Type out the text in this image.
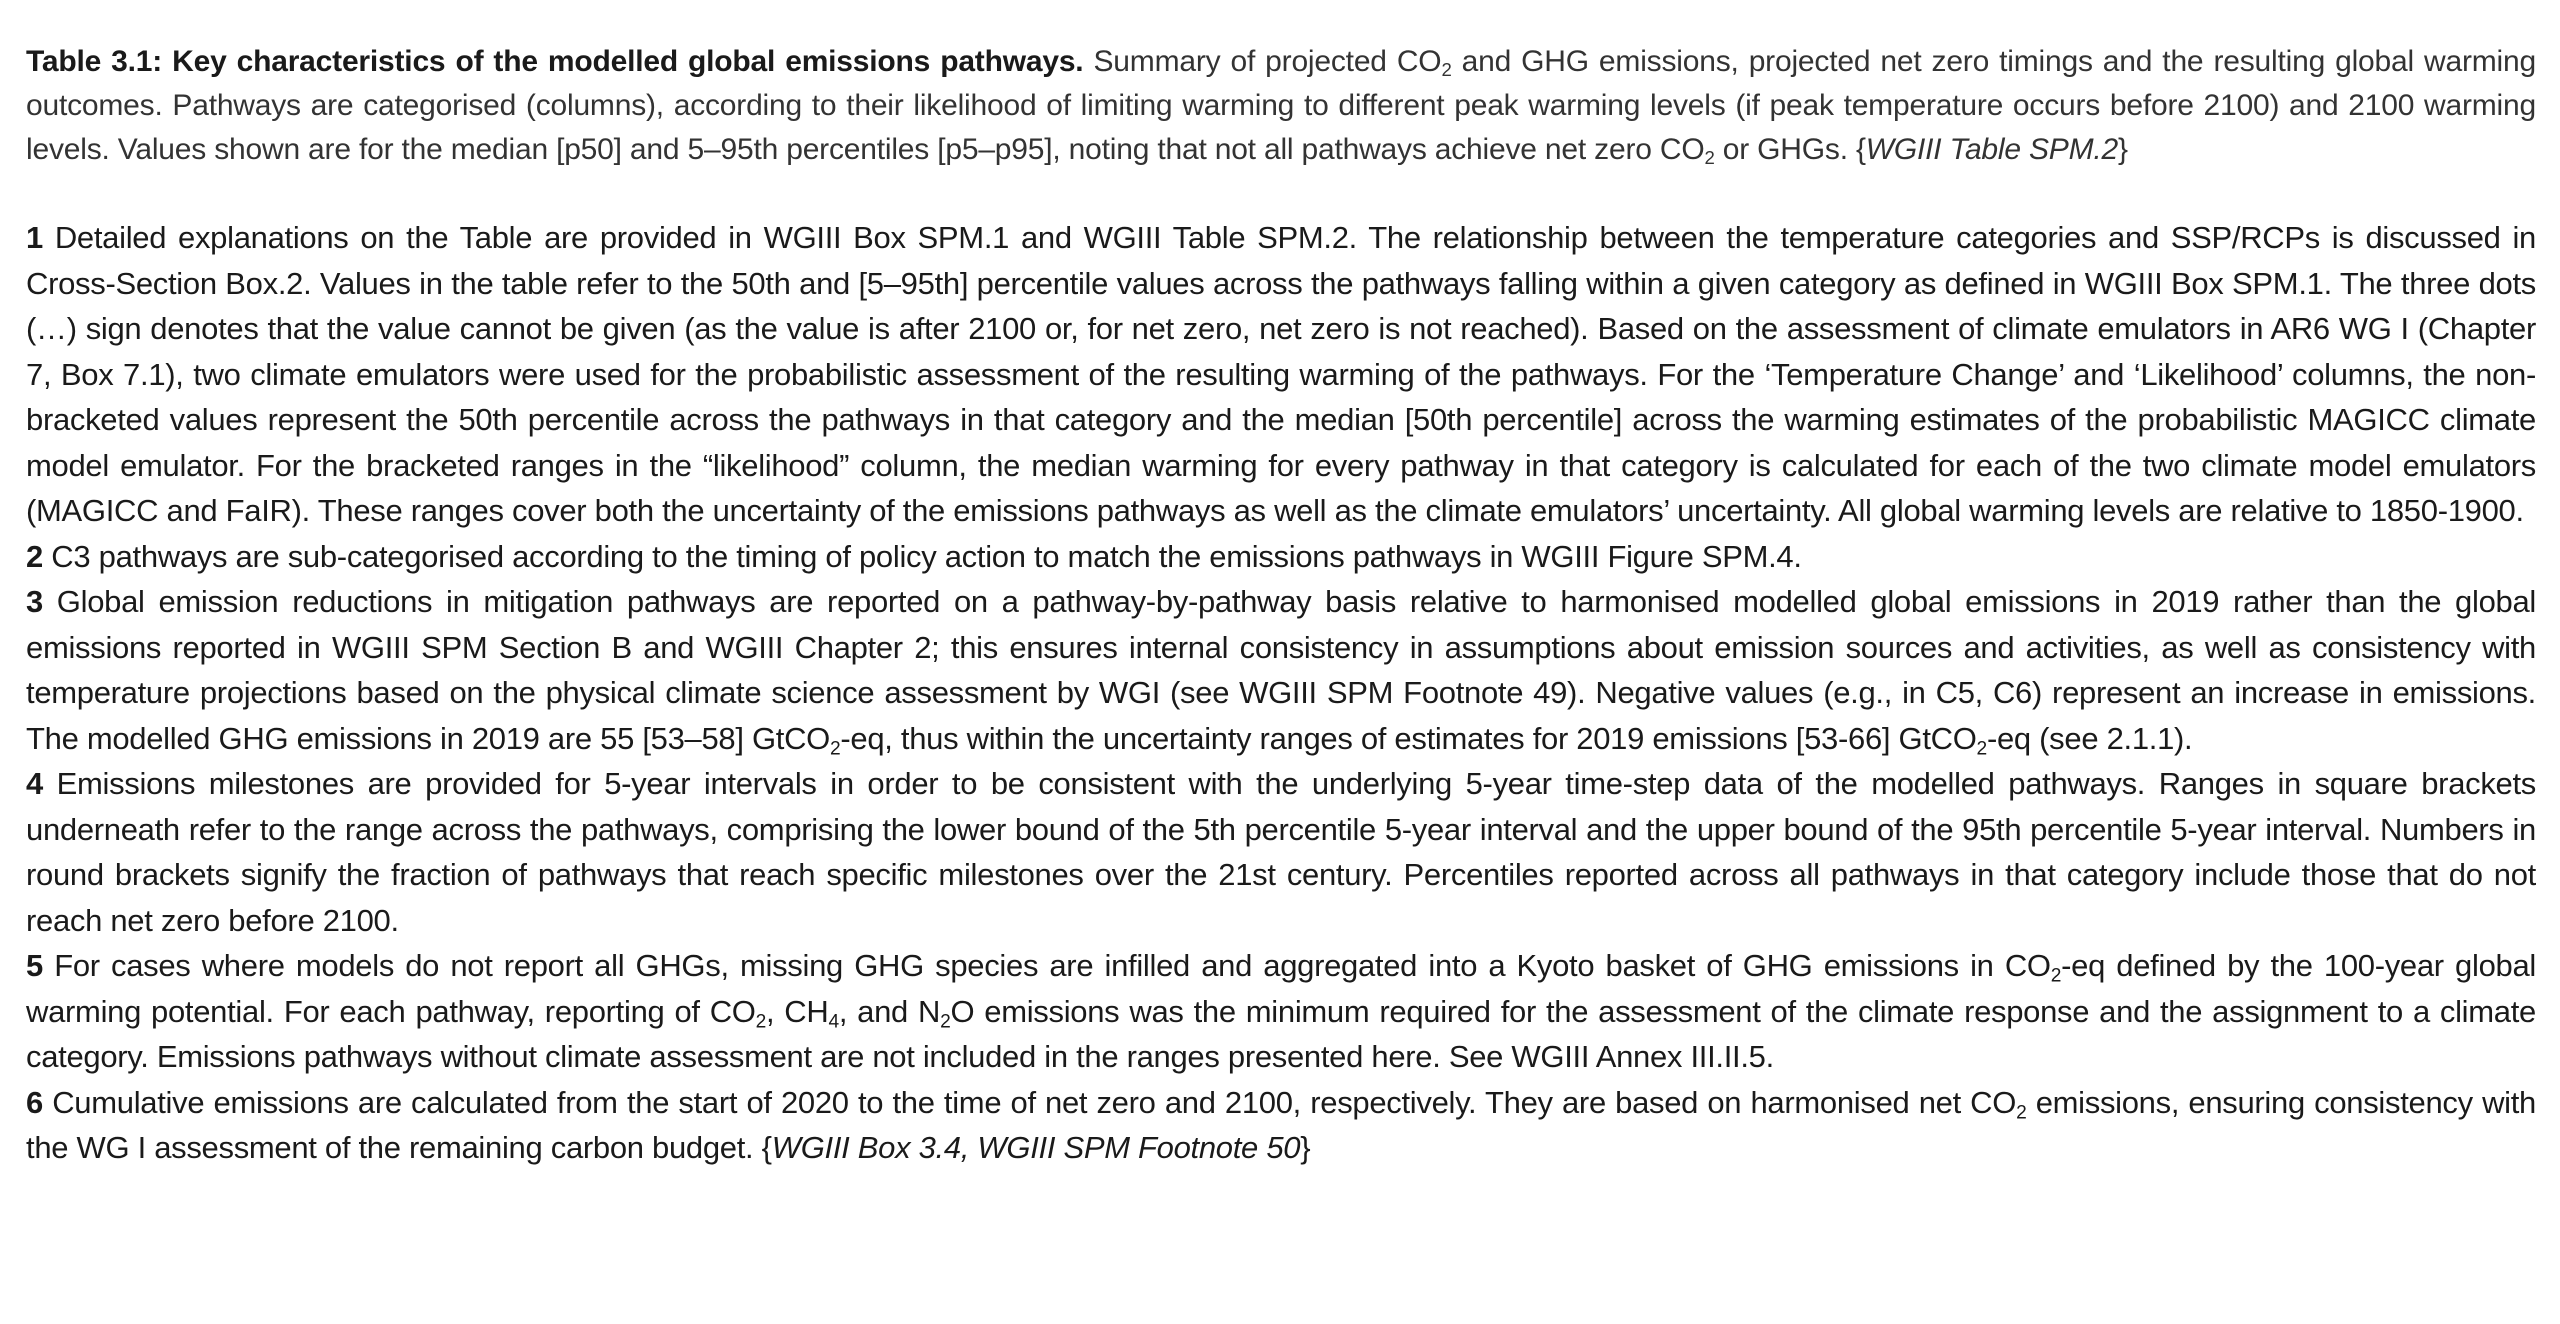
Table 3.1: Key characteristics of the modelled global emissions pathways. Summary of projected $CO_2$ and GHG emissions, projected net zero timings and the resulting global warming outcomes. Pathways are categorised (columns), according to their likelihood of limiting warming to different peak warming levels (if peak temperature occurs before 2100) and 2100 warming levels. Values shown are for the median [p50] and 5–95th percentiles [p5–p95], noting that not all pathways achieve net zero $CO_2$ or GHGs. {WGIII Table SPM.2}

1 Detailed explanations on the Table are provided in WGIII Box SPM.1 and WGIII Table SPM.2. The relationship between the temperature categories and SSP/RCPs is discussed in Cross-Section Box.2. Values in the table refer to the 50th and [5–95th] percentile values across the pathways falling within a given category as defined in WGIII Box SPM.1. The three dots (…) sign denotes that the value cannot be given (as the value is after 2100 or, for net zero, net zero is not reached). Based on the assessment of climate emulators in AR6 WG I (Chapter 7, Box 7.1), two climate emulators were used for the probabilistic assessment of the resulting warming of the pathways. For the ‘Temperature Change’ and ‘Likelihood’ columns, the non-bracketed values represent the 50th percentile across the pathways in that category and the median [50th percentile] across the warming estimates of the probabilistic MAGICC climate model emulator. For the bracketed ranges in the “likelihood” column, the median warming for every pathway in that category is calculated for each of the two climate model emulators (MAGICC and FaIR). These ranges cover both the uncertainty of the emissions pathways as well as the climate emulators’ uncertainty. All global warming levels are relative to 1850-1900.

2 C3 pathways are sub-categorised according to the timing of policy action to match the emissions pathways in WGIII Figure SPM.4.

3 Global emission reductions in mitigation pathways are reported on a pathway-by-pathway basis relative to harmonised modelled global emissions in 2019 rather than the global emissions reported in WGIII SPM Section B and WGIII Chapter 2; this ensures internal consistency in assumptions about emission sources and activities, as well as consistency with temperature projections based on the physical climate science assessment by WGI (see WGIII SPM Footnote 49). Negative values (e.g., in C5, C6) represent an increase in emissions. The modelled GHG emissions in 2019 are 55 [53–58] GtCO$_2$-eq, thus within the uncertainty ranges of estimates for 2019 emissions [53-66] GtCO$_2$-eq (see 2.1.1).

4 Emissions milestones are provided for 5-year intervals in order to be consistent with the underlying 5-year time-step data of the modelled pathways. Ranges in square brackets underneath refer to the range across the pathways, comprising the lower bound of the 5th percentile 5-year interval and the upper bound of the 95th percentile 5-year interval. Numbers in round brackets signify the fraction of pathways that reach specific milestones over the 21st century. Percentiles reported across all pathways in that category include those that do not reach net zero before 2100.

5 For cases where models do not report all GHGs, missing GHG species are infilled and aggregated into a Kyoto basket of GHG emissions in $CO_2-eq$ defined by the 100-year global warming potential. For each pathway, reporting of $CO_2$, $CH_4$, and $N_2O$ emissions was the minimum required for the assessment of the climate response and the assignment to a climate category. Emissions pathways without climate assessment are not included in the ranges presented here. See WGIII Annex III.II.5.

6 Cumulative emissions are calculated from the start of 2020 to the time of net zero and 2100, respectively. They are based on harmonised net $CO_2$ emissions, ensuring consistency with the WG I assessment of the remaining carbon budget. {WGIII Box 3.4, WGIII SPM Footnote 50}
